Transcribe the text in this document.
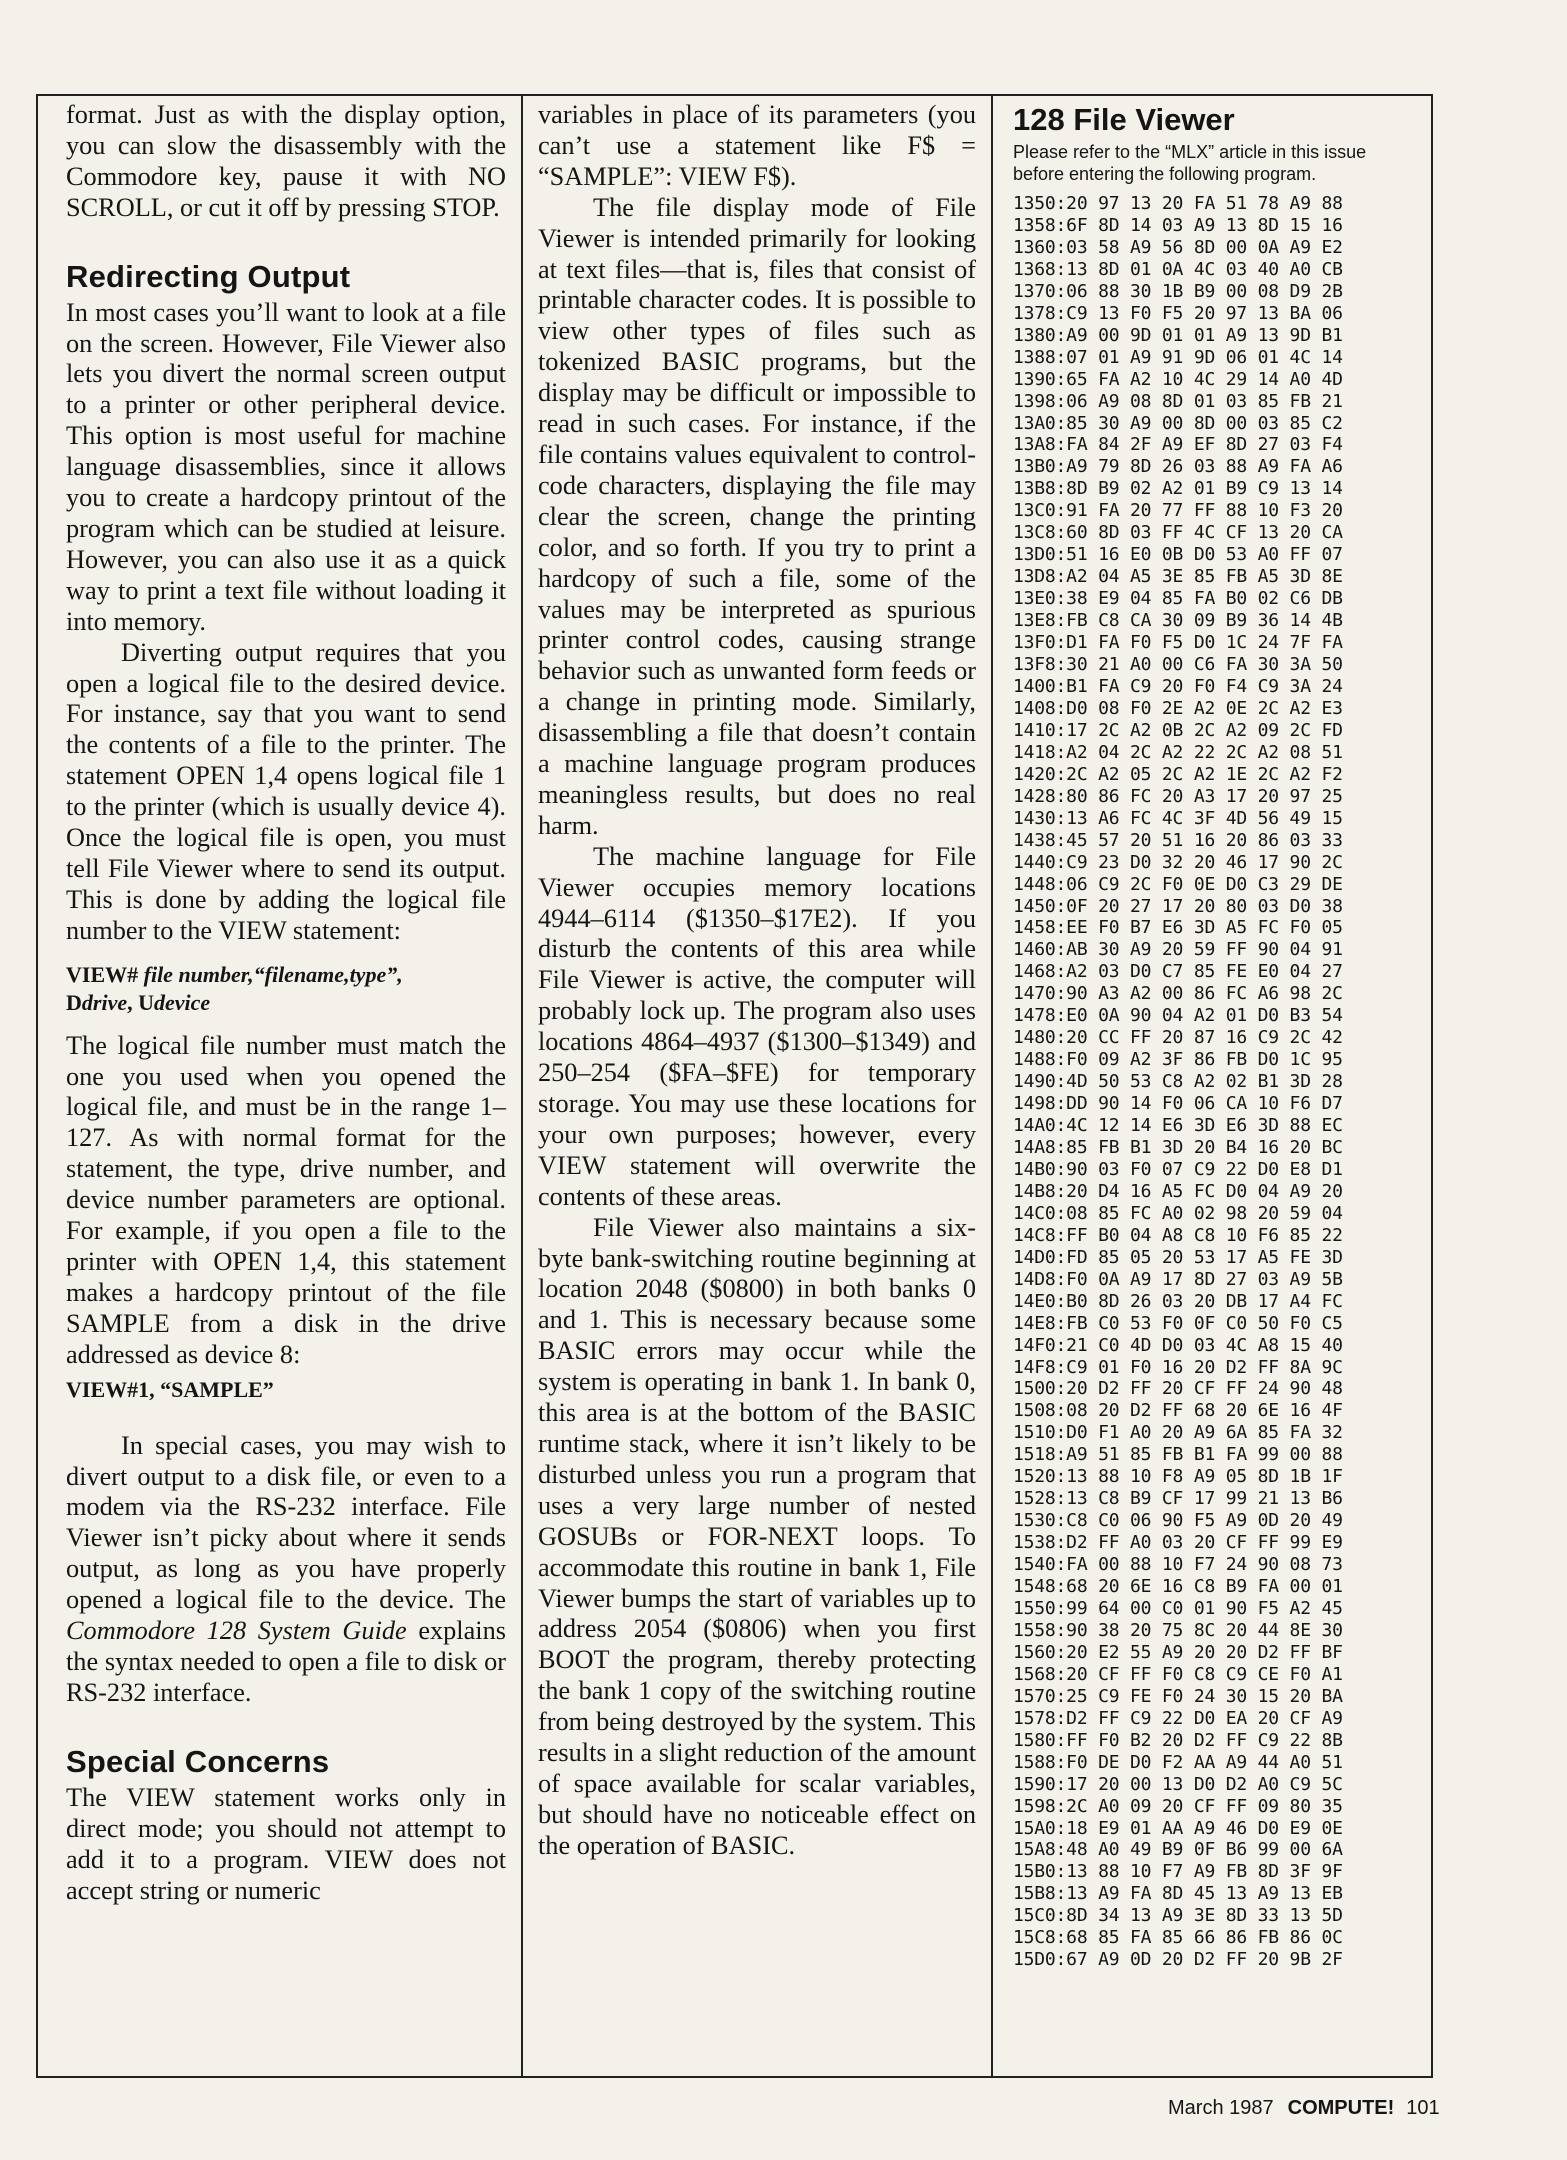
format. Just as with the display option, you can slow the disassembly with the Commodore key, pause it with NO SCROLL, or cut it off by pressing STOP.

Redirecting Output

In most cases you’ll want to look at a file on the screen. However, File Viewer also lets you divert the normal screen output to a printer or other peripheral device. This option is most useful for machine language disassemblies, since it allows you to create a hardcopy printout of the program which can be studied at leisure. However, you can also use it as a quick way to print a text file without loading it into memory.

Diverting output requires that you open a logical file to the desired device. For instance, say that you want to send the contents of a file to the printer. The statement OPEN 1,4 opens logical file 1 to the printer (which is usually device 4). Once the logical file is open, you must tell File Viewer where to send its output. This is done by adding the logical file number to the VIEW statement:

VIEW# file number,“filename,type”,
Ddrive, Udevice

The logical file number must match the one you used when you opened the logical file, and must be in the range 1–127. As with normal format for the statement, the type, drive number, and device number parameters are optional. For example, if you open a file to the printer with OPEN 1,4, this statement makes a hardcopy printout of the file SAMPLE from a disk in the drive addressed as device 8:

VIEW#1, “SAMPLE”

In special cases, you may wish to divert output to a disk file, or even to a modem via the RS-232 interface. File Viewer isn’t picky about where it sends output, as long as you have properly opened a logical file to the device. The Commodore 128 System Guide explains the syntax needed to open a file to disk or RS-232 interface.

Special Concerns

The VIEW statement works only in direct mode; you should not attempt to add it to a program. VIEW does not accept string or numeric

variables in place of its parameters (you can’t use a statement like F$ = “SAMPLE”: VIEW F$).

The file display mode of File Viewer is intended primarily for looking at text files—that is, files that consist of printable character codes. It is possible to view other types of files such as tokenized BASIC programs, but the display may be difficult or impossible to read in such cases. For instance, if the file contains values equivalent to control-code characters, displaying the file may clear the screen, change the printing color, and so forth. If you try to print a hardcopy of such a file, some of the values may be interpreted as spurious printer control codes, causing strange behavior such as unwanted form feeds or a change in printing mode. Similarly, disassembling a file that doesn’t contain a machine language program produces meaningless results, but does no real harm.

The machine language for File Viewer occupies memory locations 4944–6114 ($1350–$17E2). If you disturb the contents of this area while File Viewer is active, the computer will probably lock up. The program also uses locations 4864–4937 ($1300–$1349) and 250–254 ($FA–$FE) for temporary storage. You may use these locations for your own purposes; however, every VIEW statement will overwrite the contents of these areas.

File Viewer also maintains a six-byte bank-switching routine beginning at location 2048 ($0800) in both banks 0 and 1. This is necessary because some BASIC errors may occur while the system is operating in bank 1. In bank 0, this area is at the bottom of the BASIC runtime stack, where it isn’t likely to be disturbed unless you run a program that uses a very large number of nested GOSUBs or FOR-NEXT loops. To accommodate this routine in bank 1, File Viewer bumps the start of variables up to address 2054 ($0806) when you first BOOT the program, thereby protecting the bank 1 copy of the switching routine from being destroyed by the system. This results in a slight reduction of the amount of space available for scalar variables, but should have no noticeable effect on the operation of BASIC.

128 File Viewer
Please refer to the “MLX” article in this issue before entering the following program.
1350:20 97 13 20 FA 51 78 A9 88
1358:6F 8D 14 03 A9 13 8D 15 16
1360:03 58 A9 56 8D 00 0A A9 E2
1368:13 8D 01 0A 4C 03 40 A0 CB
1370:06 88 30 1B B9 00 08 D9 2B
1378:C9 13 F0 F5 20 97 13 BA 06
1380:A9 00 9D 01 01 A9 13 9D B1
1388:07 01 A9 91 9D 06 01 4C 14
1390:65 FA A2 10 4C 29 14 A0 4D
1398:06 A9 08 8D 01 03 85 FB 21
13A0:85 30 A9 00 8D 00 03 85 C2
13A8:FA 84 2F A9 EF 8D 27 03 F4
13B0:A9 79 8D 26 03 88 A9 FA A6
13B8:8D B9 02 A2 01 B9 C9 13 14
13C0:91 FA 20 77 FF 88 10 F3 20
13C8:60 8D 03 FF 4C CF 13 20 CA
13D0:51 16 E0 0B D0 53 A0 FF 07
13D8:A2 04 A5 3E 85 FB A5 3D 8E
13E0:38 E9 04 85 FA B0 02 C6 DB
13E8:FB C8 CA 30 09 B9 36 14 4B
13F0:D1 FA F0 F5 D0 1C 24 7F FA
13F8:30 21 A0 00 C6 FA 30 3A 50
1400:B1 FA C9 20 F0 F4 C9 3A 24
1408:D0 08 F0 2E A2 0E 2C A2 E3
1410:17 2C A2 0B 2C A2 09 2C FD
1418:A2 04 2C A2 22 2C A2 08 51
1420:2C A2 05 2C A2 1E 2C A2 F2
1428:80 86 FC 20 A3 17 20 97 25
1430:13 A6 FC 4C 3F 4D 56 49 15
1438:45 57 20 51 16 20 86 03 33
1440:C9 23 D0 32 20 46 17 90 2C
1448:06 C9 2C F0 0E D0 C3 29 DE
1450:0F 20 27 17 20 80 03 D0 38
1458:EE F0 B7 E6 3D A5 FC F0 05
1460:AB 30 A9 20 59 FF 90 04 91
1468:A2 03 D0 C7 85 FE E0 04 27
1470:90 A3 A2 00 86 FC A6 98 2C
1478:E0 0A 90 04 A2 01 D0 B3 54
1480:20 CC FF 20 87 16 C9 2C 42
1488:F0 09 A2 3F 86 FB D0 1C 95
1490:4D 50 53 C8 A2 02 B1 3D 28
1498:DD 90 14 F0 06 CA 10 F6 D7
14A0:4C 12 14 E6 3D E6 3D 88 EC
14A8:85 FB B1 3D 20 B4 16 20 BC
14B0:90 03 F0 07 C9 22 D0 E8 D1
14B8:20 D4 16 A5 FC D0 04 A9 20
14C0:08 85 FC A0 02 98 20 59 04
14C8:FF B0 04 A8 C8 10 F6 85 22
14D0:FD 85 05 20 53 17 A5 FE 3D
14D8:F0 0A A9 17 8D 27 03 A9 5B
14E0:B0 8D 26 03 20 DB 17 A4 FC
14E8:FB C0 53 F0 0F C0 50 F0 C5
14F0:21 C0 4D D0 03 4C A8 15 40
14F8:C9 01 F0 16 20 D2 FF 8A 9C
1500:20 D2 FF 20 CF FF 24 90 48
1508:08 20 D2 FF 68 20 6E 16 4F
1510:D0 F1 A0 20 A9 6A 85 FA 32
1518:A9 51 85 FB B1 FA 99 00 88
1520:13 88 10 F8 A9 05 8D 1B 1F
1528:13 C8 B9 CF 17 99 21 13 B6
1530:C8 C0 06 90 F5 A9 0D 20 49
1538:D2 FF A0 03 20 CF FF 99 E9
1540:FA 00 88 10 F7 24 90 08 73
1548:68 20 6E 16 C8 B9 FA 00 01
1550:99 64 00 C0 01 90 F5 A2 45
1558:90 38 20 75 8C 20 44 8E 30
1560:20 E2 55 A9 20 20 D2 FF BF
1568:20 CF FF F0 C8 C9 CE F0 A1
1570:25 C9 FE F0 24 30 15 20 BA
1578:D2 FF C9 22 D0 EA 20 CF A9
1580:FF F0 B2 20 D2 FF C9 22 8B
1588:F0 DE D0 F2 AA A9 44 A0 51
1590:17 20 00 13 D0 D2 A0 C9 5C
1598:2C A0 09 20 CF FF 09 80 35
15A0:18 E9 01 AA A9 46 D0 E9 0E
15A8:48 A0 49 B9 0F B6 99 00 6A
15B0:13 88 10 F7 A9 FB 8D 3F 9F
15B8:13 A9 FA 8D 45 13 A9 13 EB
15C0:8D 34 13 A9 3E 8D 33 13 5D
15C8:68 85 FA 85 66 86 FB 86 0C
15D0:67 A9 0D 20 D2 FF 20 9B 2F
March 1987 COMPUTE! 101
